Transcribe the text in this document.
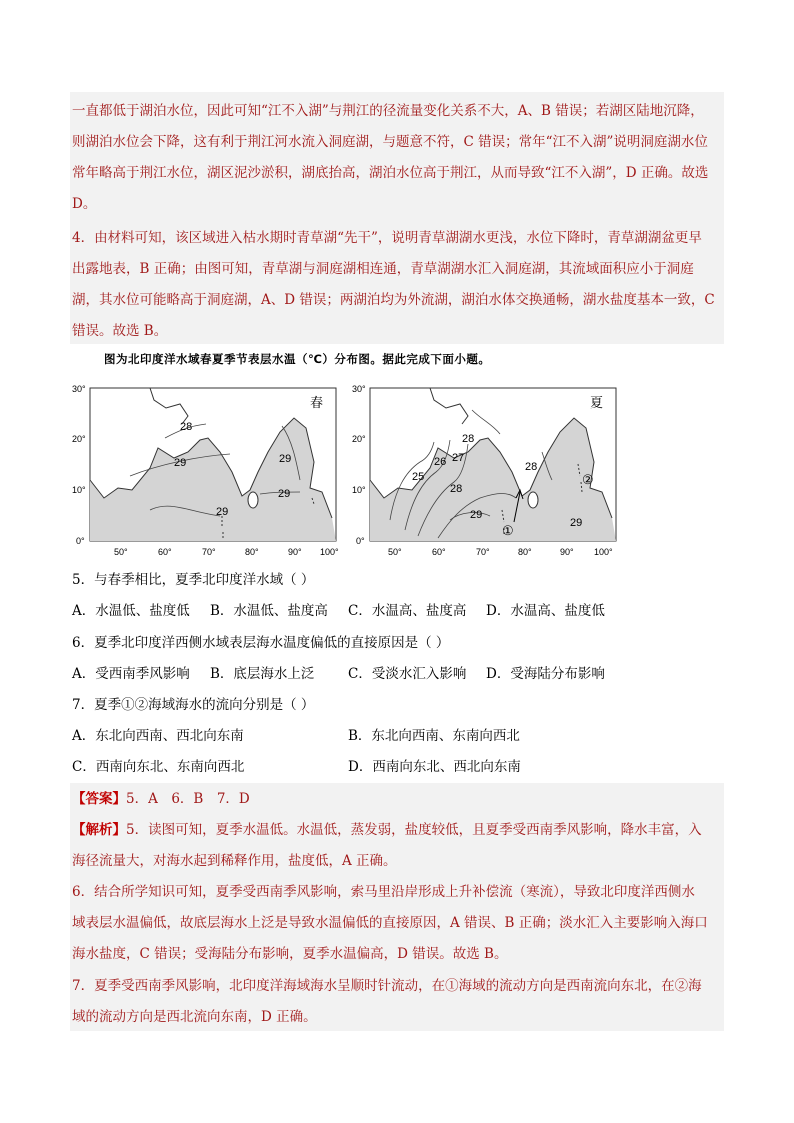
一直都低于湖泊水位，因此可知“江不入湖”与荆江的径流量变化关系不大，A、B 错误；若湖区陆地沉降，
则湖泊水位会下降，这有利于荆江河水流入洞庭湖，与题意不符，C 错误；常年“江不入湖”说明洞庭湖水位
常年略高于荆江水位，湖区泥沙淤积，湖底抬高，湖泊水位高于荆江，从而导致“江不入湖”，D 正确。故选
D。
4．由材料可知，该区域进入枯水期时青草湖“先干”，说明青草湖湖水更浅，水位下降时，青草湖湖盆更早
出露地表，B 正确；由图可知，青草湖与洞庭湖相连通，青草湖湖水汇入洞庭湖，其流域面积应小于洞庭
湖，其水位可能略高于洞庭湖，A、D 错误；两湖泊均为外流湖，湖泊水体交换通畅，湖水盐度基本一致，C
错误。故选 B。
图为北印度洋水域春夏季节表层水温（℃）分布图。据此完成下面小题。
春
28
29	29
29
29
30°
20°
10°
0°
50°	60°	70°	80°	90° 100°
夏
28
26 27
25
28
28
29
29
①
②
30°
20°
10°
0°
50°	60°	70°	80°	90° 100°
5．与春季相比，夏季北印度洋水域（ ）
A．水温低、盐度低 B．水温低、盐度高 C．水温高、盐度高 D．水温高、盐度低
6．夏季北印度洋西侧水域表层海水温度偏低的直接原因是（ ）
A．受西南季风影响 B．底层海水上泛 C．受淡水汇入影响 D．受海陆分布影响
7．夏季①②海域海水的流向分别是（ ）
A．东北向西南、西北向东南	B．东北向西南、东南向西北
C．西南向东北、东南向西北	D．西南向东北、西北向东南
【答案】5．A　6．B　7．D
【解析】5．读图可知，夏季水温低。水温低，蒸发弱，盐度较低，且夏季受西南季风影响，降水丰富，入
海径流量大，对海水起到稀释作用，盐度低，A 正确。
6．结合所学知识可知，夏季受西南季风影响，索马里沿岸形成上升补偿流（寒流），导致北印度洋西侧水
域表层水温偏低，故底层海水上泛是导致水温偏低的直接原因，A 错误、B 正确；淡水汇入主要影响入海口
海水盐度，C 错误；受海陆分布影响，夏季水温偏高，D 错误。故选 B。
7．夏季受西南季风影响，北印度洋海域海水呈顺时针流动，在①海域的流动方向是西南流向东北，在②海
域的流动方向是西北流向东南，D 正确。
